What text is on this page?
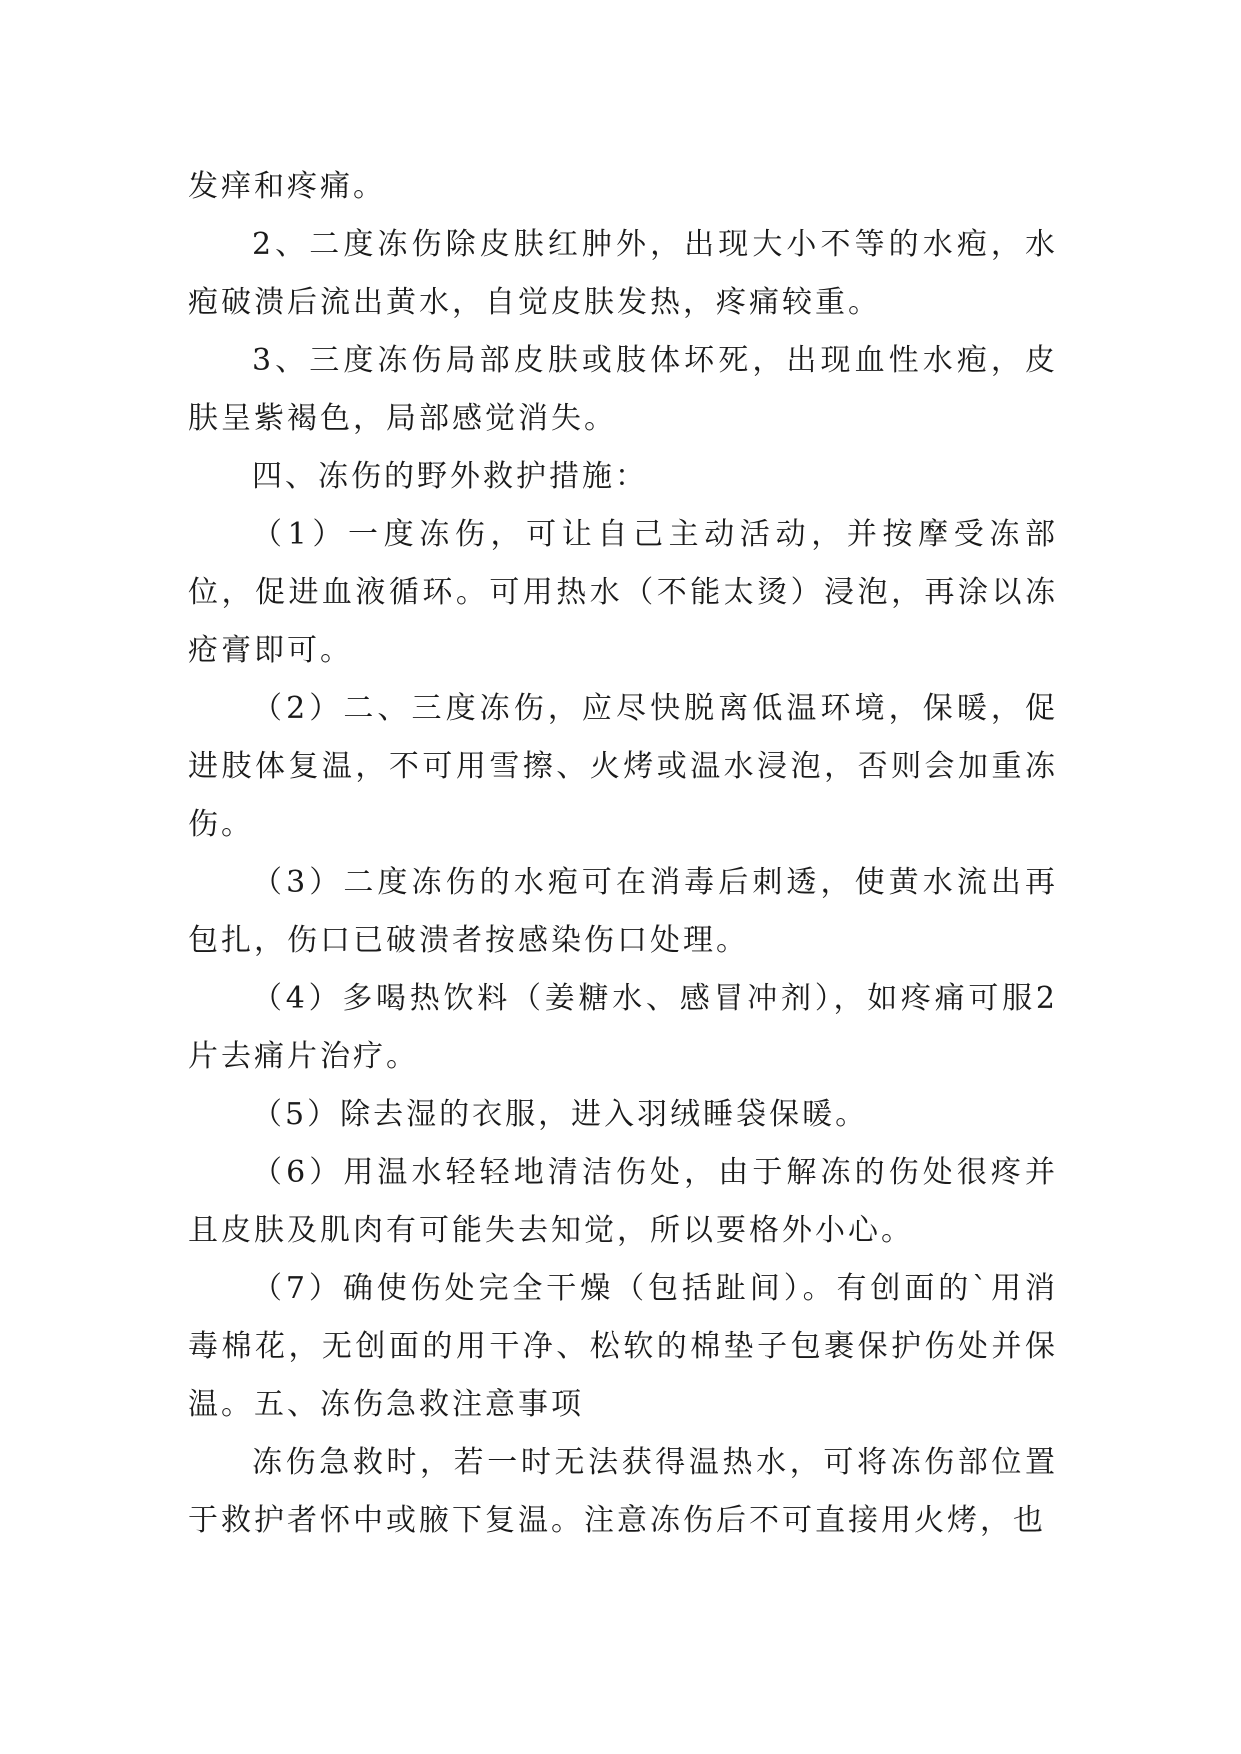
发痒和疼痛。

2、二度冻伤除皮肤红肿外，出现大小不等的水疱，水疱破溃后流出黄水，自觉皮肤发热，疼痛较重。

3、三度冻伤局部皮肤或肢体坏死，出现血性水疱，皮肤呈紫褐色，局部感觉消失。

四、冻伤的野外救护措施：

（1）一度冻伤，可让自己主动活动，并按摩受冻部位，促进血液循环。可用热水（不能太烫）浸泡，再涂以冻疮膏即可。

（2）二、三度冻伤，应尽快脱离低温环境，保暖，促进肢体复温，不可用雪擦、火烤或温水浸泡，否则会加重冻伤。

（3）二度冻伤的水疱可在消毒后刺透，使黄水流出再包扎，伤口已破溃者按感染伤口处理。

（4）多喝热饮料（姜糖水、感冒冲剂），如疼痛可服2片去痛片治疗。

（5）除去湿的衣服，进入羽绒睡袋保暖。

（6）用温水轻轻地清洁伤处，由于解冻的伤处很疼并且皮肤及肌肉有可能失去知觉，所以要格外小心。

（7）确使伤处完全干燥（包括趾间）。有创面的`用消毒棉花，无创面的用干净、松软的棉垫子包裹保护伤处并保温。五、冻伤急救注意事项

冻伤急救时，若一时无法获得温热水，可将冻伤部位置于救护者怀中或腋下复温。注意冻伤后不可直接用火烤，也
